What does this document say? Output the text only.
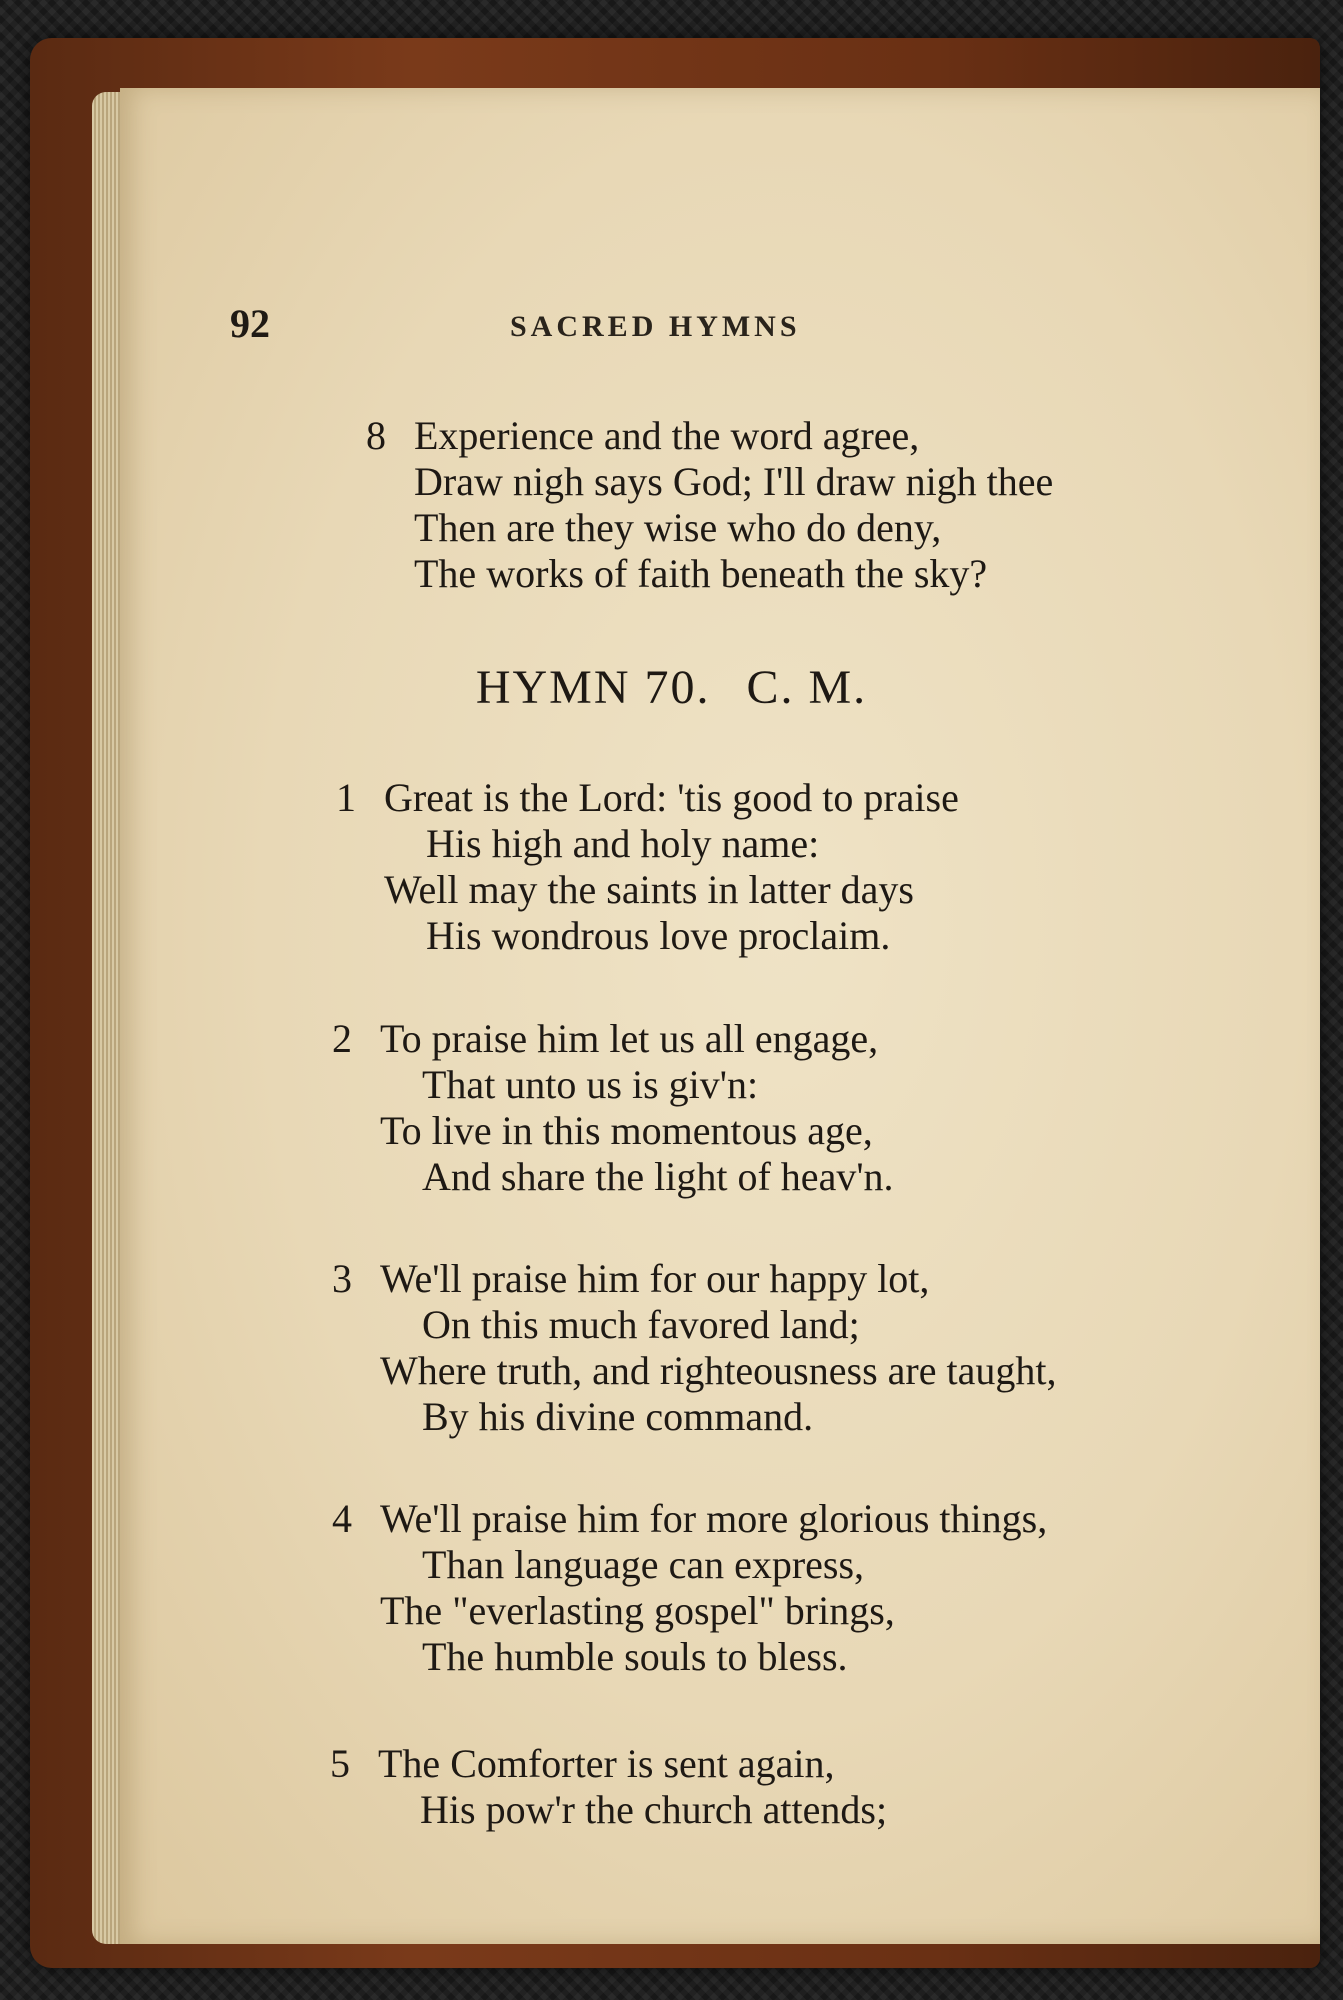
92	SACRED HYMNS
8 Experience and the word agree,
Draw nigh says God; I'll draw nigh thee
Then are they wise who do deny,
The works of faith beneath the sky?
HYMN 70. C. M.
1 Great is the Lord: 'tis good to praise
His high and holy name:
Well may the saints in latter days
His wondrous love proclaim.
2 To praise him let us all engage,
That unto us is giv'n:
To live in this momentous age,
And share the light of heav'n.
3 We'll praise him for our happy lot,
On this much favored land;
Where truth, and righteousness are taught,
By his divine command.
4 We'll praise him for more glorious things,
Than language can express,
The "everlasting gospel" brings,
The humble souls to bless.
5 The Comforter is sent again,
His pow'r the church attends;
